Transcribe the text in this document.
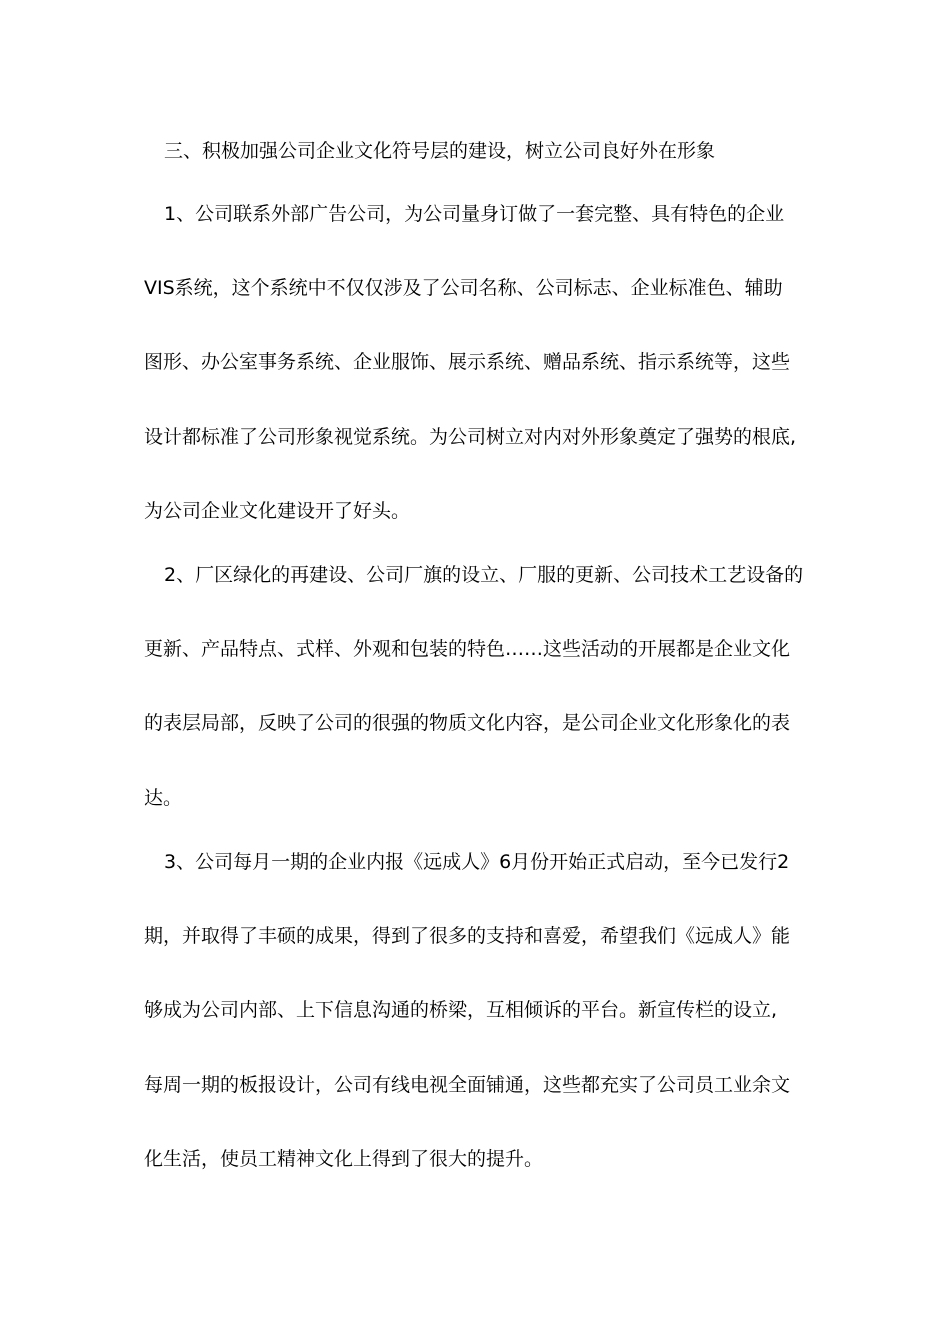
三、积极加强公司企业文化符号层的建设，树立公司良好外在形象
1、公司联系外部广告公司，为公司量身订做了一套完整、具有特色的企业
VIS系统，这个系统中不仅仅涉及了公司名称、公司标志、企业标准色、辅助
图形、办公室事务系统、企业服饰、展示系统、赠品系统、指示系统等，这些
设计都标准了公司形象视觉系统。为公司树立对内对外形象奠定了强势的根底,
为公司企业文化建设开了好头。
2、厂区绿化的再建设、公司厂旗的设立、厂服的更新、公司技术工艺设备的
更新、产品特点、式样、外观和包装的特色……这些活动的开展都是企业文化
的表层局部，反映了公司的很强的物质文化内容，是公司企业文化形象化的表
达。
3、公司每月一期的企业内报《远成人》6月份开始正式启动，至今已发行2
期，并取得了丰硕的成果，得到了很多的支持和喜爱，希望我们《远成人》能
够成为公司内部、上下信息沟通的桥梁，互相倾诉的平台。新宣传栏的设立,
每周一期的板报设计，公司有线电视全面铺通，这些都充实了公司员工业余文
化生活，使员工精神文化上得到了很大的提升。
